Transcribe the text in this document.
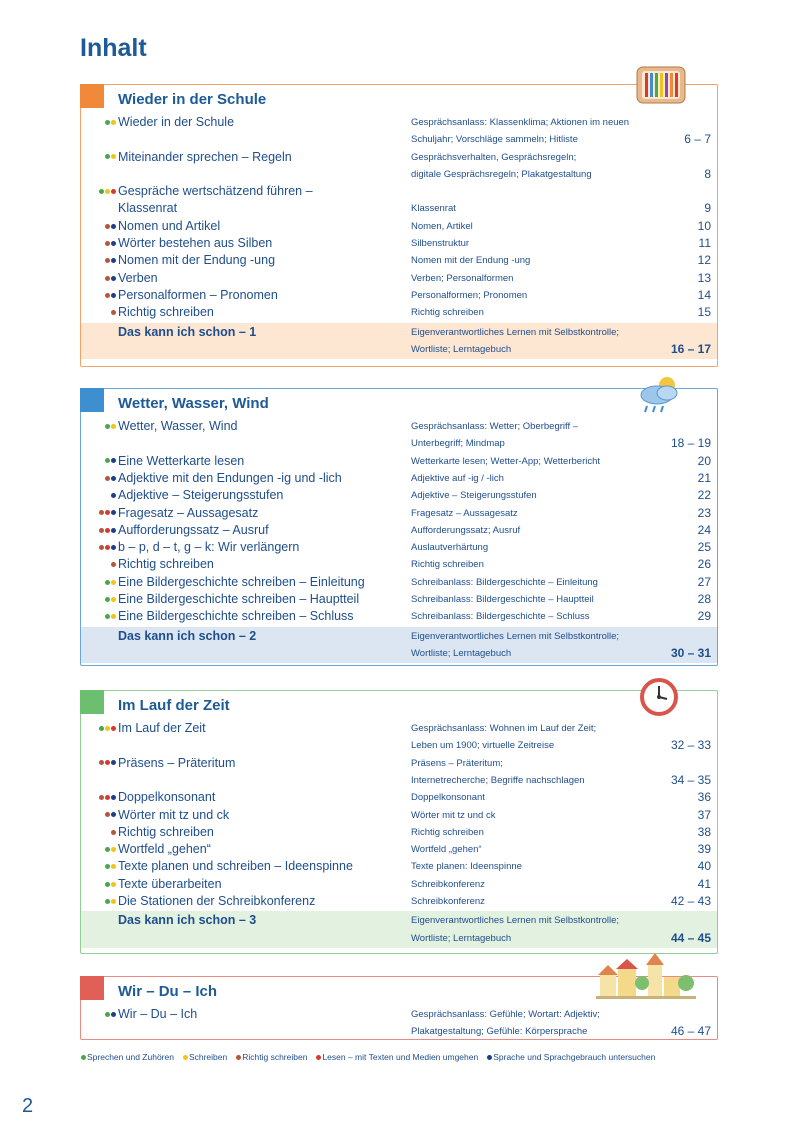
Inhalt
Wieder in der Schule
Wieder in der Schule	Gesprächsanlass: Klassenklima; Aktionen im neuen
Schuljahr; Vorschläge sammeln; Hitliste	6 – 7
Miteinander sprechen – Regeln	Gesprächsverhalten, Gesprächsregeln;
digitale Gesprächsregeln; Plakatgestaltung	8
Gespräche wertschätzend führen –
Klassenrat	Klassenrat	9
Nomen und Artikel	Nomen, Artikel	10
Wörter bestehen aus Silben	Silbenstruktur	11
Nomen mit der Endung -ung	Nomen mit der Endung -ung	12
Verben	Verben; Personalformen	13
Personalformen – Pronomen	Personalformen; Pronomen	14
Richtig schreiben	Richtig schreiben	15
Das kann ich schon – 1	Eigenverantwortliches Lernen mit Selbstkontrolle;
Wortliste; Lerntagebuch	16 – 17
Wetter, Wasser, Wind
Wetter, Wasser, Wind	Gesprächsanlass: Wetter; Oberbegriff –
Unterbegriff; Mindmap	18 – 19
Eine Wetterkarte lesen	Wetterkarte lesen; Wetter-App; Wetterbericht	20
Adjektive mit den Endungen -ig und -lich	Adjektive auf -ig / -lich	21
Adjektive – Steigerungsstufen	Adjektive – Steigerungsstufen	22
Fragesatz – Aussagesatz	Fragesatz – Aussagesatz	23
Aufforderungssatz – Ausruf	Aufforderungssatz; Ausruf	24
b – p, d – t, g – k: Wir verlängern	Auslautverhärtung	25
Richtig schreiben	Richtig schreiben	26
Eine Bildergeschichte schreiben – Einleitung	Schreibanlass: Bildergeschichte – Einleitung	27
Eine Bildergeschichte schreiben – Hauptteil	Schreibanlass: Bildergeschichte – Hauptteil	28
Eine Bildergeschichte schreiben – Schluss	Schreibanlass: Bildergeschichte – Schluss	29
Das kann ich schon – 2	Eigenverantwortliches Lernen mit Selbstkontrolle;
Wortliste; Lerntagebuch	30 – 31
Im Lauf der Zeit
Im Lauf der Zeit	Gesprächsanlass: Wohnen im Lauf der Zeit;
Leben um 1900; virtuelle Zeitreise	32 – 33
Präsens – Präteritum	Präsens – Präteritum;
Internetrecherche; Begriffe nachschlagen	34 – 35
Doppelkonsonant	Doppelkonsonant	36
Wörter mit tz und ck	Wörter mit tz und ck	37
Richtig schreiben	Richtig schreiben	38
Wortfeld „gehen“	Wortfeld „gehen“	39
Texte planen und schreiben – Ideenspinne	Texte planen: Ideenspinne	40
Texte überarbeiten	Schreibkonferenz	41
Die Stationen der Schreibkonferenz	Schreibkonferenz	42 – 43
Das kann ich schon – 3	Eigenverantwortliches Lernen mit Selbstkontrolle;
Wortliste; Lerntagebuch	44 – 45
Wir – Du – Ich
Wir – Du – Ich	Gesprächsanlass: Gefühle; Wortart: Adjektiv;
Plakatgestaltung; Gefühle: Körpersprache	46 – 47
Sprechen und Zuhören Schreiben Richtig schreiben Lesen – mit Texten und Medien umgehen Sprache und Sprachgebrauch untersuchen
2
